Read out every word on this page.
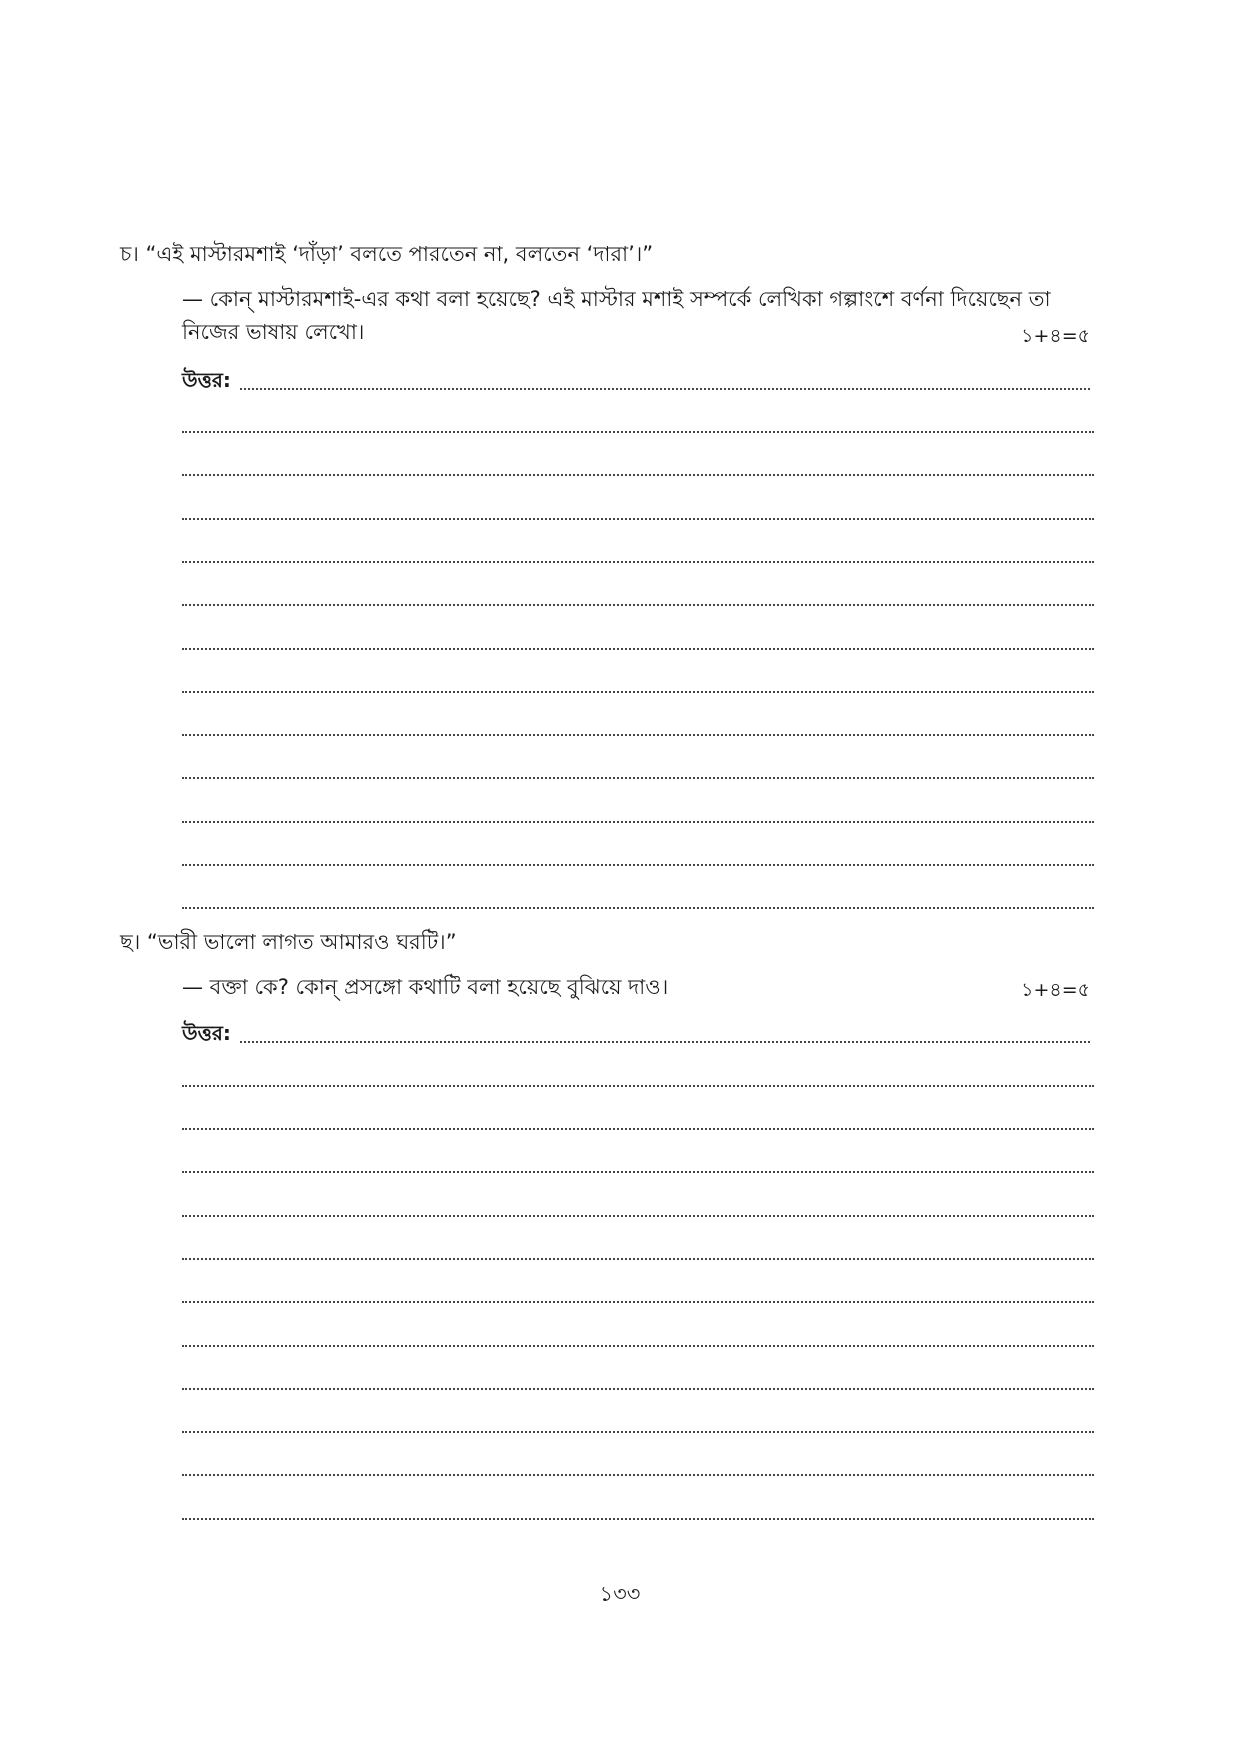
চ। “এই মাস্টারমশাই ‘দাঁড়া’ বলতে পারতেন না, বলতেন ‘দারা’।”
— কোন্ মাস্টারমশাই-এর কথা বলা হয়েছে? এই মাস্টার মশাই সম্পর্কে লেখিকা গল্পাংশে বর্ণনা দিয়েছেন তা নিজের ভাষায় লেখো।	১+৪=৫
উত্তর:
ছ। “ভারী ভালো লাগত আমারও ঘরটি।”
— বক্তা কে? কোন্ প্রসঙ্গো কথাটি বলা হয়েছে বুঝিয়ে দাও।	১+৪=৫
উত্তর:
১৩৩
